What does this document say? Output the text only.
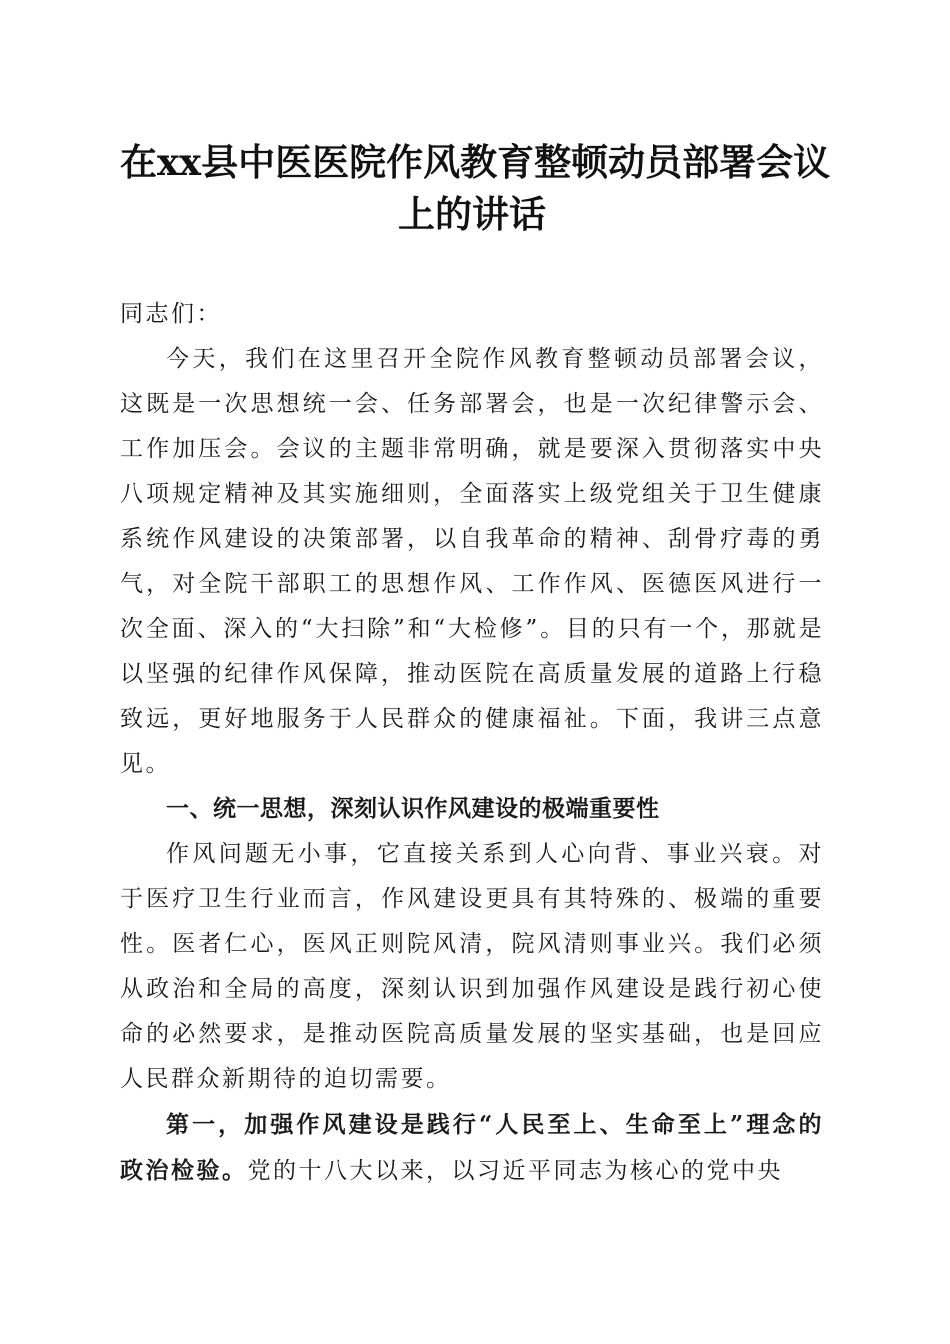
在xx县中医医院作风教育整顿动员部署会议
上的讲话

同志们：

今天，我们在这里召开全院作风教育整顿动员部署会议，这既是一次思想统一会、任务部署会，也是一次纪律警示会、工作加压会。会议的主题非常明确，就是要深入贯彻落实中央八项规定精神及其实施细则，全面落实上级党组关于卫生健康系统作风建设的决策部署，以自我革命的精神、刮骨疗毒的勇气，对全院干部职工的思想作风、工作作风、医德医风进行一次全面、深入的“大扫除”和“大检修”。目的只有一个，那就是以坚强的纪律作风保障，推动医院在高质量发展的道路上行稳致远，更好地服务于人民群众的健康福祉。下面，我讲三点意见。

一、统一思想，深刻认识作风建设的极端重要性

作风问题无小事，它直接关系到人心向背、事业兴衰。对于医疗卫生行业而言，作风建设更具有其特殊的、极端的重要性。医者仁心，医风正则院风清，院风清则事业兴。我们必须从政治和全局的高度，深刻认识到加强作风建设是践行初心使命的必然要求，是推动医院高质量发展的坚实基础，也是回应人民群众新期待的迫切需要。

第一，加强作风建设是践行“人民至上、生命至上”理念的政治检验。党的十八大以来，以习近平同志为核心的党中央
